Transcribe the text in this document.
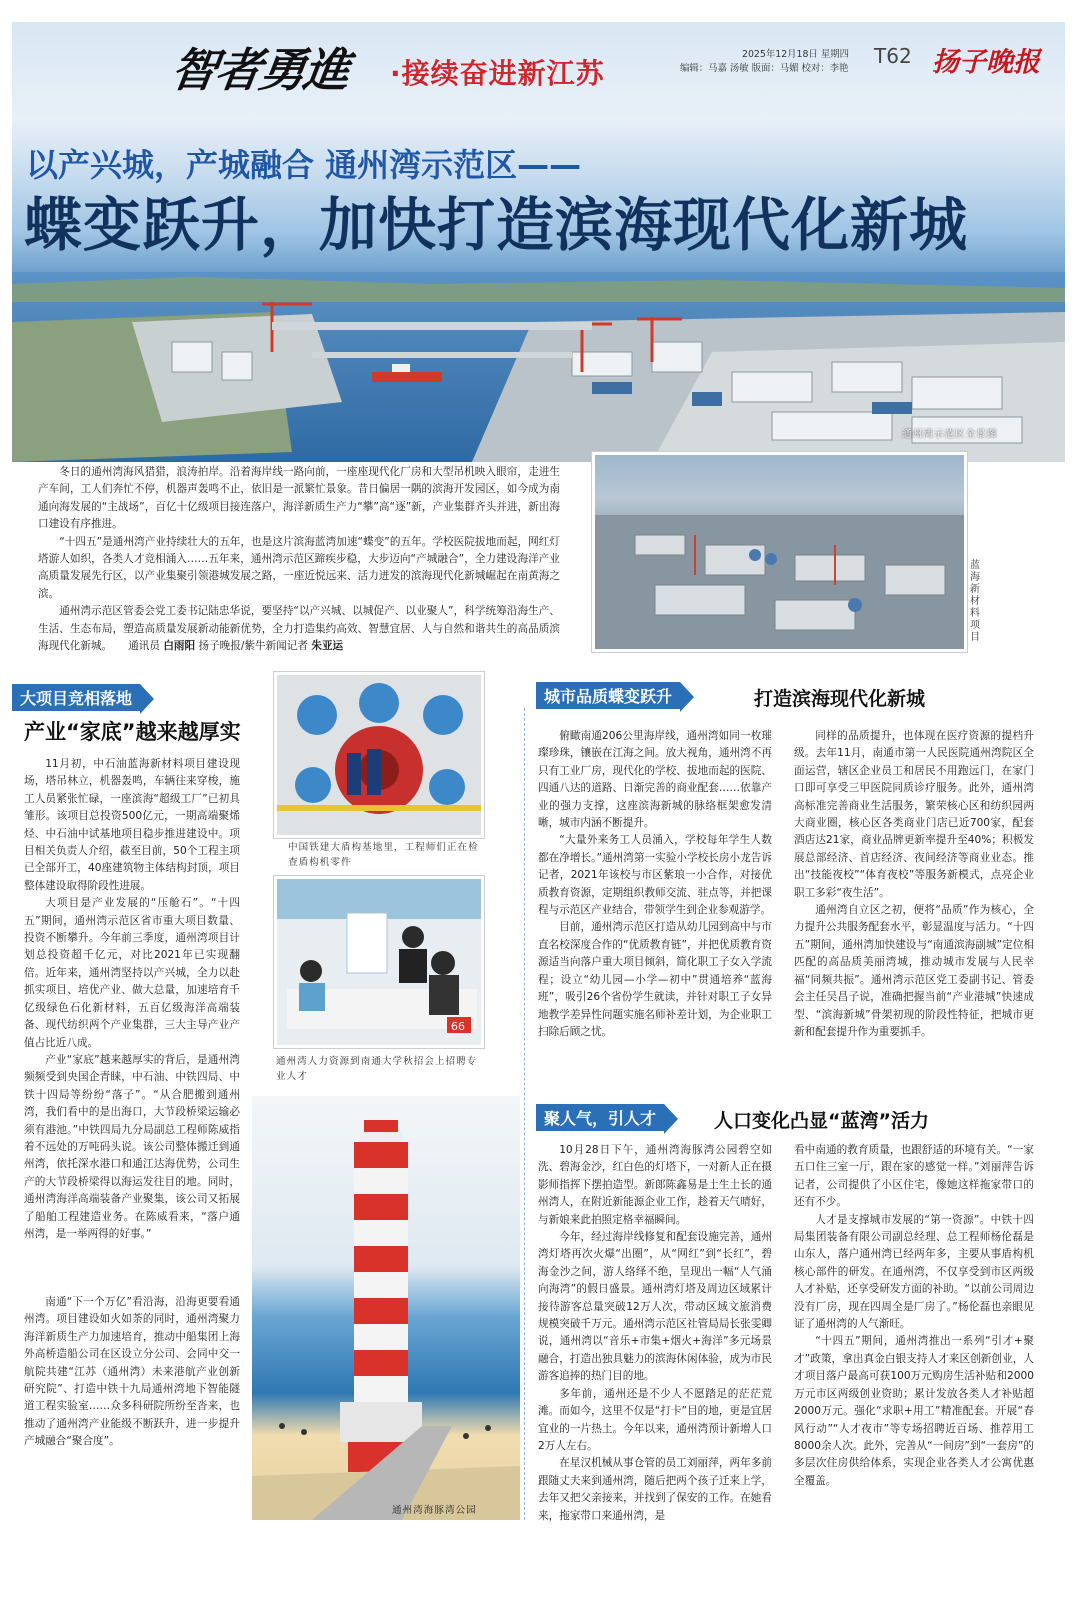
智者勇進 ·接续奋进新江苏
2025年12月18日 星期四
编辑：马嘉 汤敏 版面：马媚 校对：李艳
T62 扬子晚报
以产兴城，产城融合 通州湾示范区——
蝶变跃升，加快打造滨海现代化新城
通州湾示范区全景图

冬日的通州湾海风猎猎，浪涛拍岸。沿着海岸线一路向前，一座座现代化厂房和大型吊机映入眼帘，走进生产车间，工人们奔忙不停，机器声轰鸣不止，依旧是一派繁忙景象。昔日偏居一隅的滨海开发园区，如今成为南通向海发展的“主战场”，百亿十亿级项目接连落户，海洋新质生产力“攀”高“逐”新，产业集群齐头并进，新出海口建设有序推进。

“十四五”是通州湾产业持续壮大的五年，也是这片滨海蓝湾加速“蝶变”的五年。学校医院拔地而起，网红灯塔游人如织，各类人才竞相涌入……五年来，通州湾示范区蹄疾步稳，大步迈向“产城融合”，全力建设海洋产业高质量发展先行区，以产业集聚引领港城发展之路，一座近悦远来、活力迸发的滨海现代化新城崛起在南黄海之滨。

通州湾示范区管委会党工委书记陆忠华说，要坚持“以产兴城、以城促产、以业聚人”，科学统筹沿海生产、生活、生态布局，塑造高质量发展新动能新优势，全力打造集约高效、智慧宜居、人与自然和谐共生的高品质滨海现代化新城。 通讯员 白雨阳 扬子晚报/紫牛新闻记者 朱亚运

蓝海新材料项目
大项目竞相落地
产业“家底”越来越厚实

11月初，中石油蓝海新材料项目建设现场，塔吊林立，机器轰鸣，车辆往来穿梭，施工人员紧张忙碌，一座滨海“超级工厂”已初具雏形。该项目总投资500亿元，一期高端聚烯烃、中石油中试基地项目稳步推进建设中。项目相关负责人介绍，截至目前，50个工程主项已全部开工，40座建筑物主体结构封顶，项目整体建设取得阶段性进展。

大项目是产业发展的“压舱石”。“十四五”期间，通州湾示范区省市重大项目数量、投资不断攀升。今年前三季度，通州湾项目计划总投资超千亿元，对比2021年已实现翻倍。近年来，通州湾坚持以产兴城，全力以赴抓实项目、培优产业、做大总量，加速培育千亿级绿色石化新材料，五百亿级海洋高端装备、现代纺织两个产业集群，三大主导产业产值占比近八成。

产业“家底”越来越厚实的背后，是通州湾频频受到央国企青睐，中石油、中铁四局、中铁十四局等纷纷“落子”。“从合肥搬到通州湾，我们看中的是出海口，大节段桥梁运输必须有港池。”中铁四局九分局副总工程师陈威指着不远处的万吨码头说。该公司整体搬迁到通州湾，依托深水港口和通江达海优势，公司生产的大节段桥梁得以海运发往目的地。同时，通州湾海洋高端装备产业聚集，该公司又拓展了船舶工程建造业务。在陈威看来，“落户通州湾，是一举两得的好事。”

南通“下一个万亿”看沿海，沿海更要看通州湾。项目建设如火如荼的同时，通州湾聚力海洋新质生产力加速培育，推动中船集团上海外高桥造船公司在区设立分公司、会同中交一航院共建“江苏（通州湾）未来港航产业创新研究院”、打造中铁十九局通州湾地下智能隧道工程实验室……众多科研院所纷至沓来，也推动了通州湾产业能级不断跃升，进一步提升产城融合“聚合度”。

中国铁建大盾构基地里，工程师们正在检查盾构机零件
66
通州湾人力资源到南通大学秋招会上招聘专业人才
通州湾海豚湾公园
城市品质蝶变跃升	打造滨海现代化新城

俯瞰南通206公里海岸线，通州湾如同一枚璀璨珍珠，镶嵌在江海之间。放大视角，通州湾不再只有工业厂房，现代化的学校、拔地而起的医院、四通八达的道路、日渐完善的商业配套……依靠产业的强力支撑，这座滨海新城的脉络框架愈发清晰，城市内涵不断提升。

“大量外来务工人员涌入，学校每年学生人数都在净增长。”通州湾第一实验小学校长房小龙告诉记者，2021年该校与市区紫琅一小合作，对接优质教育资源，定期组织教师交流、驻点等，并把课程与示范区产业结合，带领学生到企业参观游学。

目前，通州湾示范区打造从幼儿园到高中与市直名校深度合作的“优质教育链”，并把优质教育资源适当向落户重大项目倾斜，简化职工子女入学流程；设立“幼儿园—小学—初中”贯通培养“蓝海班”，吸引26个省份学生就读，并针对职工子女异地教学差异性问题实施名师补差计划，为企业职工扫除后顾之忧。

同样的品质提升，也体现在医疗资源的提档升级。去年11月，南通市第一人民医院通州湾院区全面运营，辖区企业员工和居民不用跑远门，在家门口即可享受三甲医院同质诊疗服务。此外，通州湾高标准完善商业生活服务，繁荣核心区和纺织园两大商业圈，核心区各类商业门店已近700家，配套酒店达21家，商业品牌更新率提升至40%；积极发展总部经济、首店经济、夜间经济等商业业态。推出“技能夜校”“体育夜校”等服务新模式，点亮企业职工多彩“夜生活”。

通州湾自立区之初，便将“品质”作为核心，全力提升公共服务配套水平，彰显温度与活力。“十四五”期间，通州湾加快建设与“南通滨海副城”定位相匹配的高品质美丽湾城，推动城市发展与人民幸福“同频共振”。通州湾示范区党工委副书记、管委会主任吴昌子说，准确把握当前“产业港城”快速成型、“滨海新城”骨架初现的阶段性特征，把城市更新和配套提升作为重要抓手。

聚人气，引人才	人口变化凸显“蓝湾”活力

10月28日下午，通州湾海豚湾公园碧空如洗、碧海金沙，红白色的灯塔下，一对新人正在摄影师指挥下摆拍造型。新郎陈鑫易是土生土长的通州湾人，在附近新能源企业工作，趁着天气晴好，与新娘来此拍照定格幸福瞬间。

今年，经过海岸线修复和配套设施完善，通州湾灯塔再次火爆“出圈”，从“网红”到“长红”，碧海金沙之间，游人络绎不绝，呈现出一幅“人气涌向海湾”的假日盛景。通州湾灯塔及周边区域累计接待游客总量突破12万人次，带动区域文旅消费规模突破千万元。通州湾示范区社管局局长张雯卿说，通州湾以“音乐+市集+烟火+海洋”多元场景融合，打造出独具魅力的滨海休闲体验，成为市民游客追捧的热门目的地。

多年前，通州还是不少人不愿踏足的茫茫荒滩。而如今，这里不仅是“打卡”目的地，更是宜居宜业的一片热土。今年以来，通州湾预计新增人口2万人左右。

在星汉机械从事仓管的员工刘丽萍，两年多前跟随丈夫来到通州湾，随后把两个孩子迁来上学，去年又把父亲接来，并找到了保安的工作。在她看来，拖家带口来通州湾，是

看中南通的教育质量，也跟舒适的环境有关。“一家五口住三室一厅，跟在家的感觉一样。”刘丽萍告诉记者，公司提供了小区住宅，像她这样拖家带口的还有不少。

人才是支撑城市发展的“第一资源”。中铁十四局集团装备有限公司副总经理、总工程师杨伦磊是山东人，落户通州湾已经两年多，主要从事盾构机核心部件的研发。在通州湾，不仅享受到市区两级人才补贴，还享受研发方面的补助。“以前公司周边没有厂房，现在四周全是厂房了。”杨伦磊也亲眼见证了通州湾的人气渐旺。

“十四五”期间，通州湾推出一系列“引才+聚才”政策，拿出真金白银支持人才来区创新创业，人才项目落户最高可获100万元购房生活补贴和2000万元市区两级创业资助；累计发放各类人才补贴超2000万元。强化“求职+用工”精准配套。开展“春风行动”“人才夜市”等专场招聘近百场、推荐用工8000余人次。此外，完善从“一间房”到“一套房”的多层次住房供给体系，实现企业各类人才公寓优惠全覆盖。
